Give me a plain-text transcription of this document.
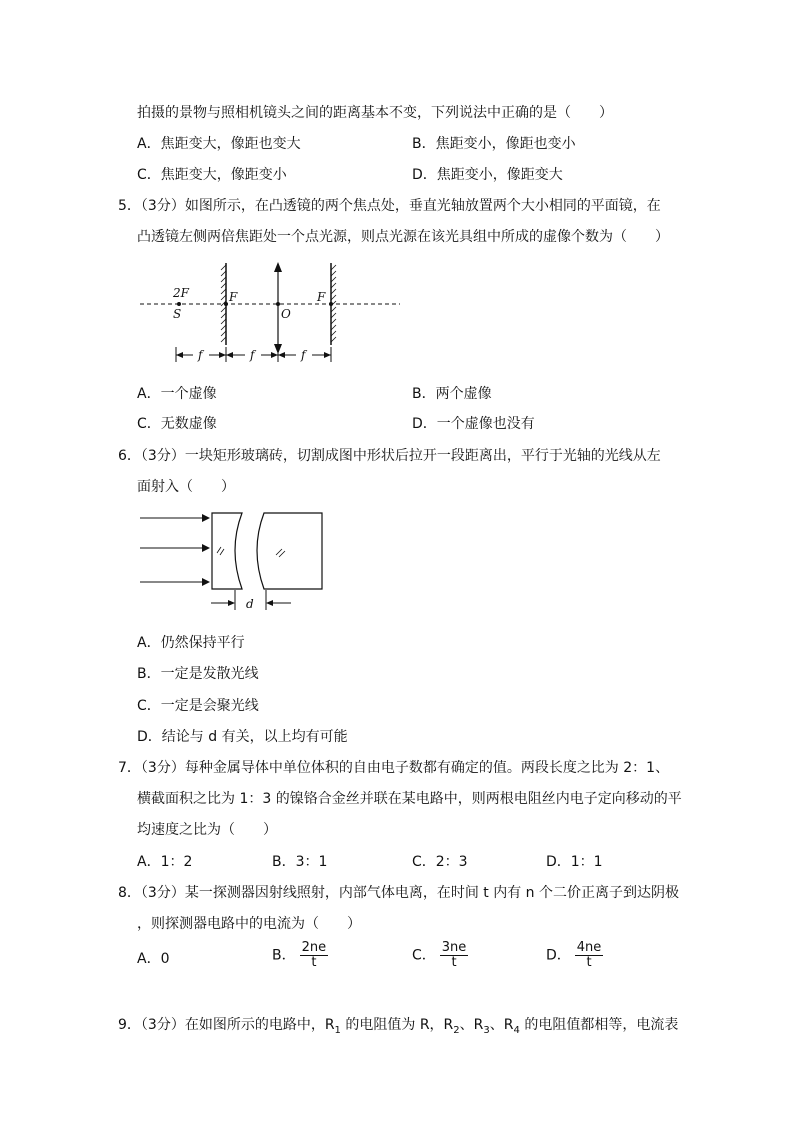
拍摄的景物与照相机镜头之间的距离基本不变，下列说法中正确的是（　　）
A．焦距变大，像距也变大	B．焦距变小，像距也变小
C．焦距变大，像距变小	D．焦距变小，像距变大
5．（3分）如图所示，在凸透镜的两个焦点处，垂直光轴放置两个大小相同的平面镜，在
凸透镜左侧两倍焦距处一个点光源，则点光源在该光具组中所成的虚像个数为（　　）
2F
S
F
O
F
f	f	f
A．一个虚像	B．两个虚像
C．无数虚像	D．一个虚像也没有
6．（3分）一块矩形玻璃砖，切割成图中形状后拉开一段距离出，平行于光轴的光线从左
面射入（　　）
d
A．仍然保持平行
B．一定是发散光线
C．一定是会聚光线
D．结论与 d 有关，以上均有可能
7．（3分）每种金属导体中单位体积的自由电子数都有确定的值。两段长度之比为 2：1、
横截面积之比为 1：3 的镍铬合金丝并联在某电路中，则两根电阻丝内电子定向移动的平
均速度之比为（　　）
A．1：2	B．3：1	C．2：3	D．1：1
8．（3分）某一探测器因射线照射，内部气体电离，在时间 t 内有 n 个二价正离子到达阴极
，则探测器电路中的电流为（　　）
A．0	B． $\frac{2ne}{t}$	C． $\frac{3ne}{t}$	D． $\frac{4ne}{t}$
9．（3分）在如图所示的电路中，$R_1$ 的电阻值为 R，$R_2$、$R_3$、$R_4$ 的电阻值都相等，电流表
